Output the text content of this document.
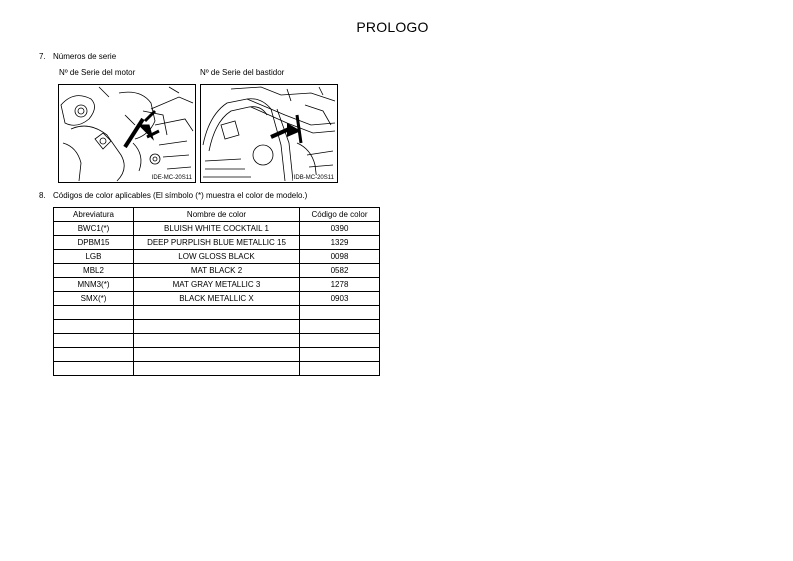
PROLOGO
7. Números de serie
Nº de Serie del motor	Nº de Serie del bastidor
IDE-MC-20S11	IDB-MC-20S11
8. Códigos de color aplicables (El símbolo (*) muestra el color de modelo.)
Abreviatura	Nombre de color	Código de color
BWC1(*)	BLUISH WHITE COCKTAIL 1	0390
DPBM15	DEEP PURPLISH BLUE METALLIC 15	1329
LGB	LOW GLOSS BLACK	0098
MBL2	MAT BLACK 2	0582
MNM3(*)	MAT GRAY METALLIC 3	1278
SMX(*)	BLACK METALLIC X	0903
